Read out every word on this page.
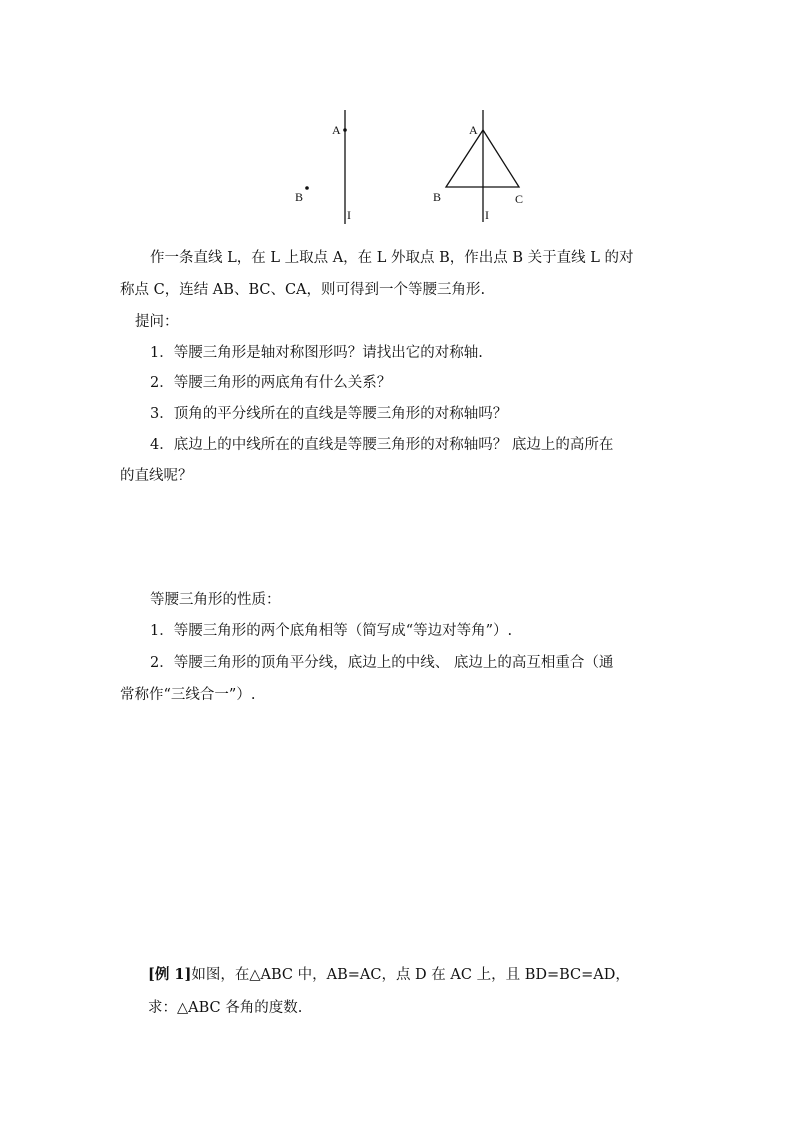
A
B
I
A
B	C
I
作一条直线 L，在 L 上取点 A，在 L 外取点 B，作出点 B 关于直线 L 的对
称点 C，连结 AB、BC、CA，则可得到一个等腰三角形.
提问：
1．等腰三角形是轴对称图形吗？请找出它的对称轴.
2．等腰三角形的两底角有什么关系？
3．顶角的平分线所在的直线是等腰三角形的对称轴吗？
4．底边上的中线所在的直线是等腰三角形的对称轴吗？ 底边上的高所在
的直线呢？
等腰三角形的性质：
1．等腰三角形的两个底角相等（简写成“等边对等角”）.
2．等腰三角形的顶角平分线，底边上的中线、 底边上的高互相重合（通
常称作“三线合一”）.
[例 1]如图，在△ABC 中，AB=AC，点 D 在 AC 上，且 BD=BC=AD，
求：△ABC 各角的度数.
